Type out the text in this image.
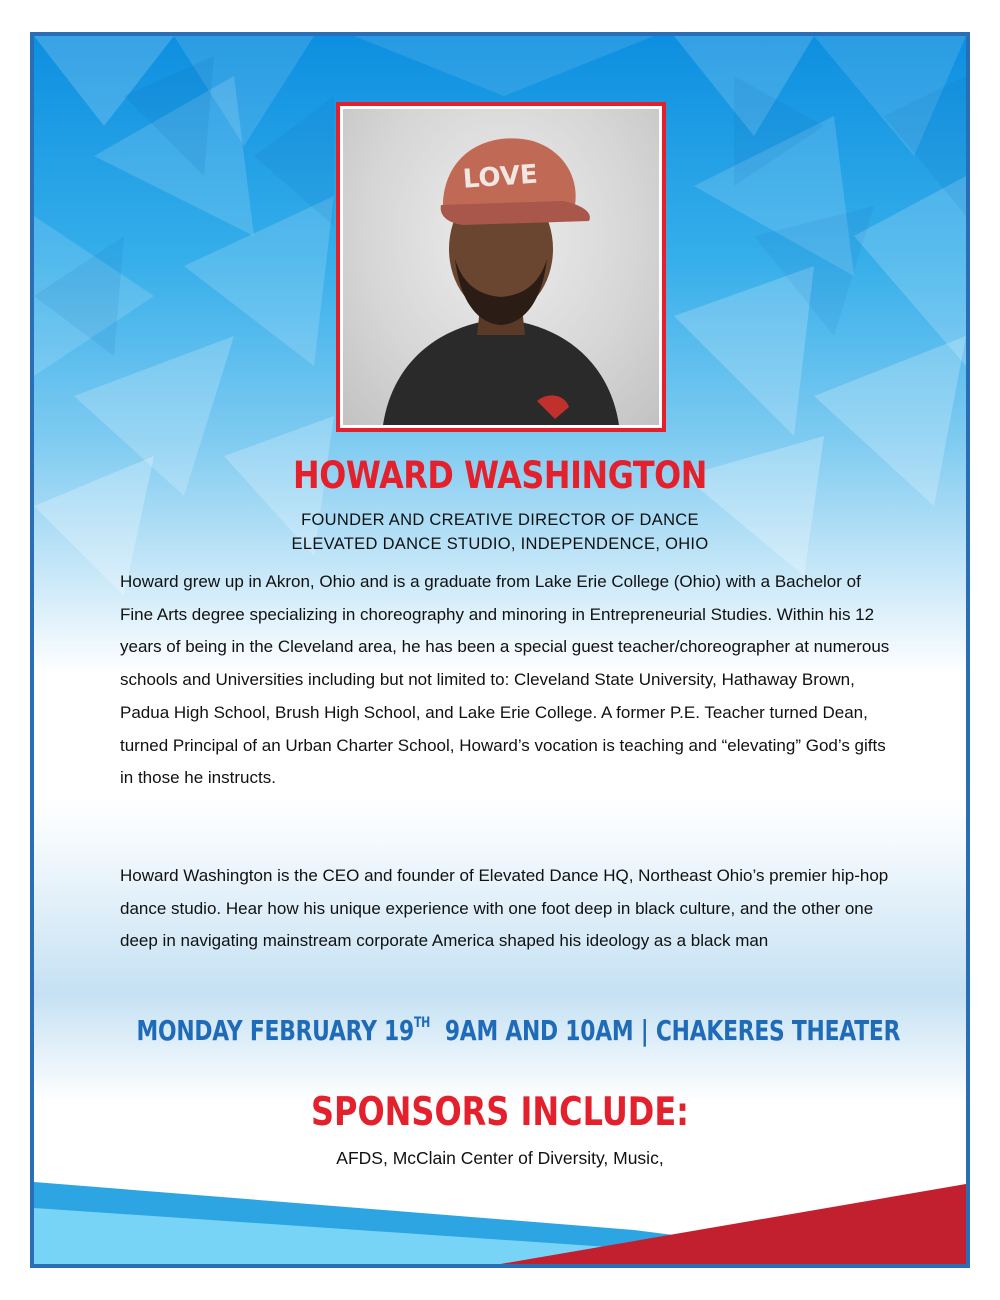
LOVE
HOWARD WASHINGTON
FOUNDER AND CREATIVE DIRECTOR OF DANCE
ELEVATED DANCE STUDIO, INDEPENDENCE, OHIO

Howard grew up in Akron, Ohio and is a graduate from Lake Erie College (Ohio) with a Bachelor of Fine Arts degree specializing in choreography and minoring in Entrepreneurial Studies. Within his 12 years of being in the Cleveland area, he has been a special guest teacher/choreographer at numerous schools and Universities including but not limited to: Cleveland State University, Hathaway Brown, Padua High School, Brush High School, and Lake Erie College. A former P.E. Teacher turned Dean, turned Principal of an Urban Charter School, Howard’s vocation is teaching and “elevating” God’s gifts in those he instructs.

Howard Washington is the CEO and founder of Elevated Dance HQ, Northeast Ohio’s premier hip-hop dance studio. Hear how his unique experience with one foot deep in black culture, and the other one deep in navigating mainstream corporate America shaped his ideology as a black man

MONDAY FEBRUARY 19TH 9AM AND 10AM | CHAKERES THEATER
SPONSORS INCLUDE:
AFDS, McClain Center of Diversity, Music,
